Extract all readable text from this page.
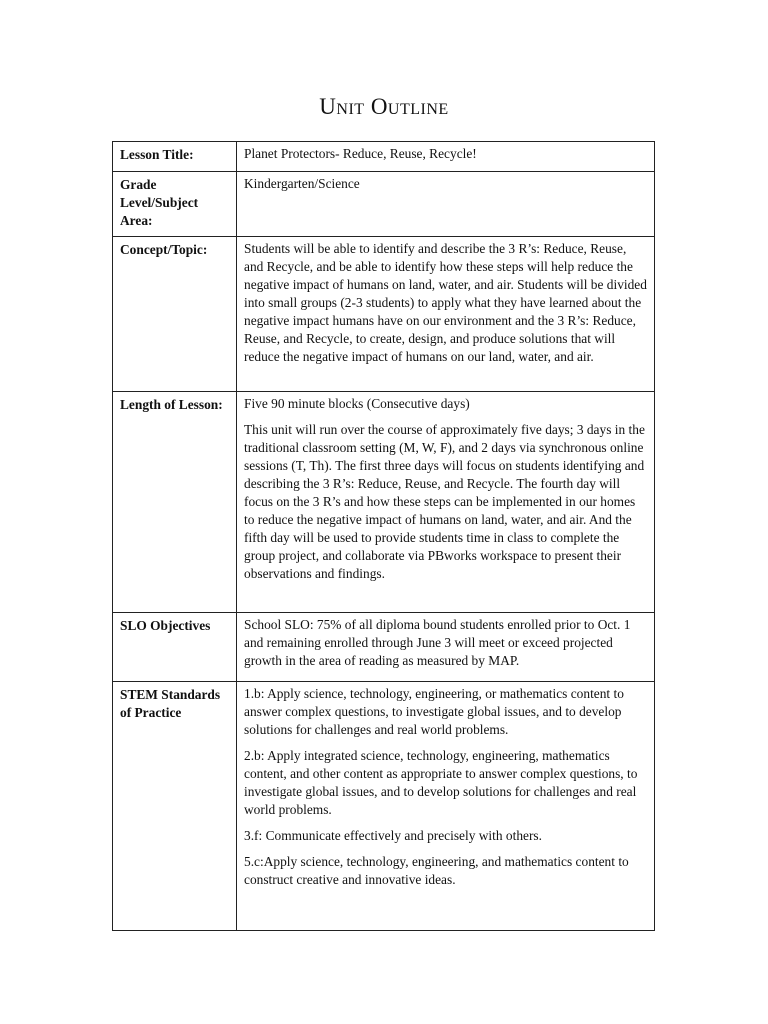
Unit Outline
Lesson Title:	Planet Protectors- Reduce, Reuse, Recycle!

Grade Level/Subject Area:	Kindergarten/Science

Concept/Topic:	Students will be able to identify and describe the 3 R’s: Reduce, Reuse, and Recycle, and be able to identify how these steps will help reduce the negative impact of humans on land, water, and air. Students will be divided into small groups (2-3 students) to apply what they have learned about the negative impact humans have on our environment and the 3 R’s: Reduce, Reuse, and Recycle, to create, design, and produce solutions that will reduce the negative impact of humans on our land, water, and air.

Length of Lesson:	Five 90 minute blocks (Consecutive days)

This unit will run over the course of approximately five days; 3 days in the traditional classroom setting (M, W, F), and 2 days via synchronous online sessions (T, Th). The first three days will focus on students identifying and describing the 3 R’s: Reduce, Reuse, and Recycle. The fourth day will focus on the 3 R’s and how these steps can be implemented in our homes to reduce the negative impact of humans on land, water, and air. And the fifth day will be used to provide students time in class to complete the group project, and collaborate via PBworks workspace to present their observations and findings.

SLO Objectives	School SLO: 75% of all diploma bound students enrolled prior to Oct. 1 and remaining enrolled through June 3 will meet or exceed projected growth in the area of reading as measured by MAP.

STEM Standards of Practice	1.b: Apply science, technology, engineering, or mathematics content to answer complex questions, to investigate global issues, and to develop solutions for challenges and real world problems.

2.b: Apply integrated science, technology, engineering, mathematics content, and other content as appropriate to answer complex questions, to investigate global issues, and to develop solutions for challenges and real world problems.

3.f: Communicate effectively and precisely with others.

5.c:Apply science, technology, engineering, and mathematics content to construct creative and innovative ideas.
